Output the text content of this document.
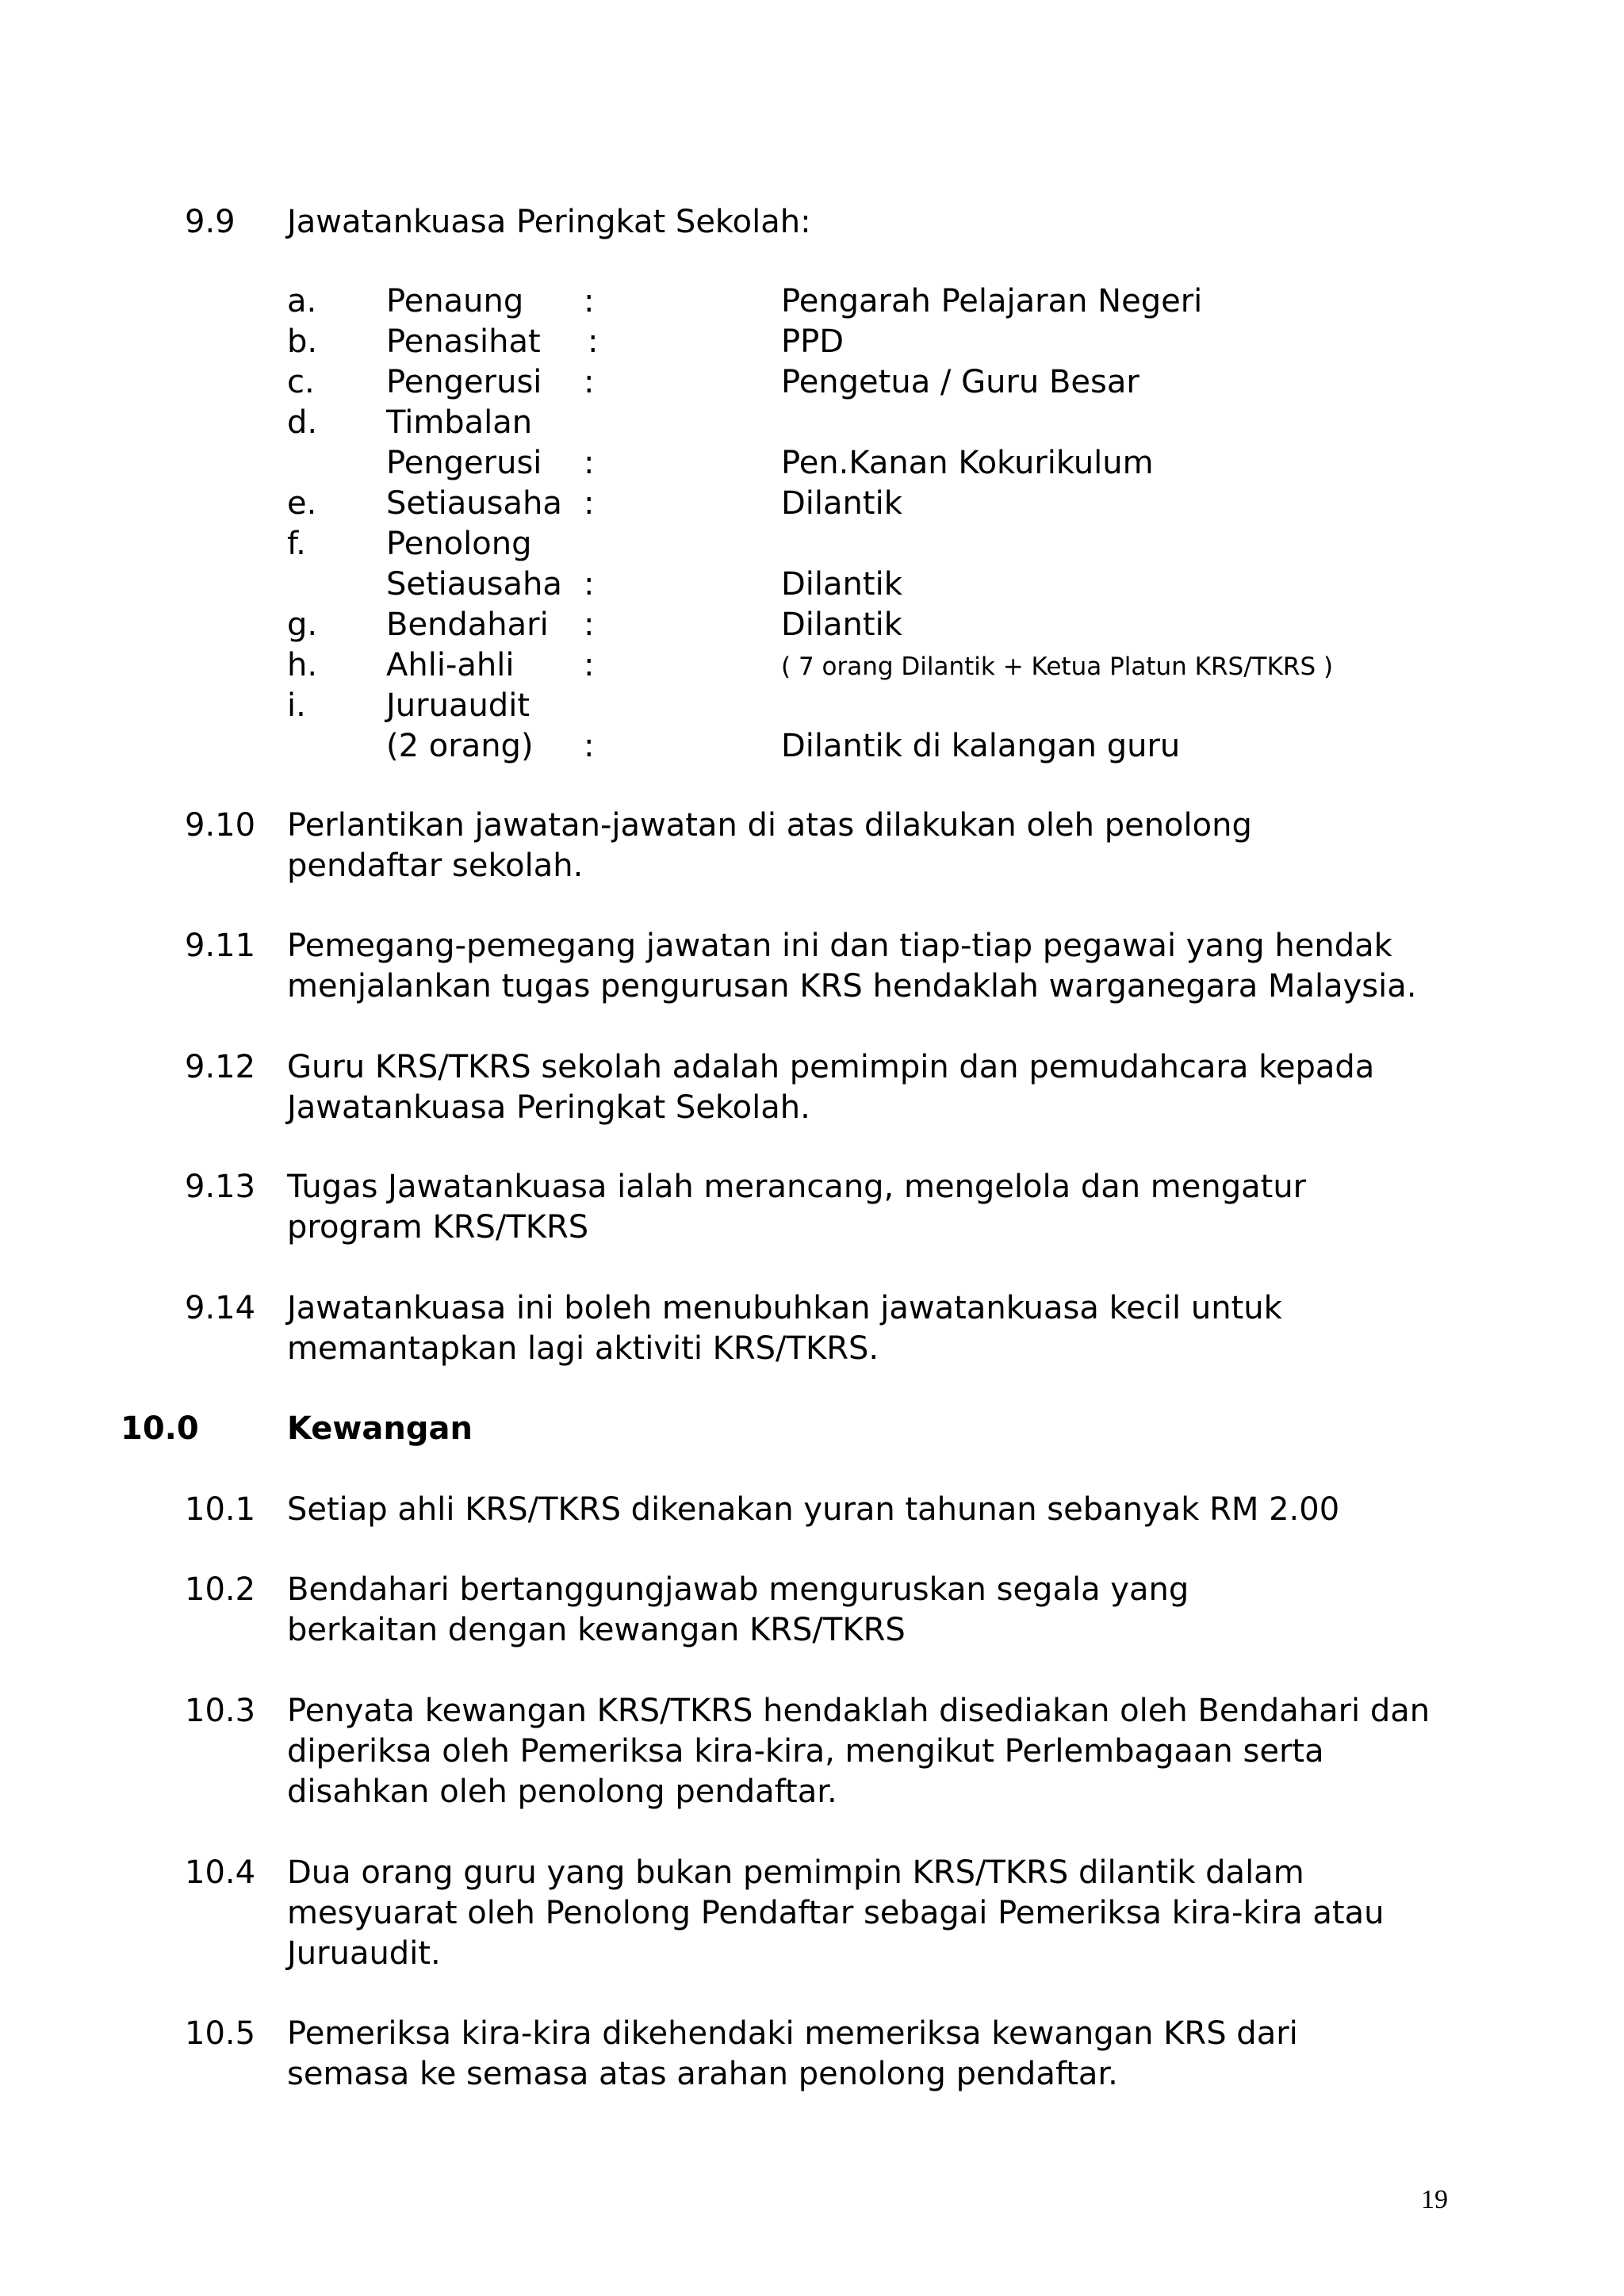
9.9 Jawatankuasa Peringkat Sekolah:
a. Penaung :	Pengarah Pelajaran Negeri
b. Penasihat :	PPD
c. Pengerusi :	Pengetua / Guru Besar
d. Timbalan
Pengerusi :	Pen.Kanan Kokurikulum
e. Setiausaha :	Dilantik
f.	Penolong
Setiausaha :	Dilantik
g. Bendahari :	Dilantik
h. Ahli-ahli :	( 7 orang Dilantik + Ketua Platun KRS/TKRS )
i.	Juruaudit
(2 orang) :	Dilantik di kalangan guru
9.10 Perlantikan jawatan-jawatan di atas dilakukan oleh penolong
pendaftar sekolah.
9.11 Pemegang-pemegang jawatan ini dan tiap-tiap pegawai yang hendak
menjalankan tugas pengurusan KRS hendaklah warganegara Malaysia.
9.12 Guru KRS/TKRS sekolah adalah pemimpin dan pemudahcara kepada
Jawatankuasa Peringkat Sekolah.
9.13 Tugas Jawatankuasa ialah merancang, mengelola dan mengatur
program KRS/TKRS
9.14 Jawatankuasa ini boleh menubuhkan jawatankuasa kecil untuk
memantapkan lagi aktiviti KRS/TKRS.
10.0	Kewangan
10.1 Setiap ahli KRS/TKRS dikenakan yuran tahunan sebanyak RM 2.00
10.2 Bendahari bertanggungjawab menguruskan segala yang
berkaitan dengan kewangan KRS/TKRS
10.3 Penyata kewangan KRS/TKRS hendaklah disediakan oleh Bendahari dan
diperiksa oleh Pemeriksa kira-kira, mengikut Perlembagaan serta
disahkan oleh penolong pendaftar.
10.4 Dua orang guru yang bukan pemimpin KRS/TKRS dilantik dalam
mesyuarat oleh Penolong Pendaftar sebagai Pemeriksa kira-kira atau
Juruaudit.
10.5 Pemeriksa kira-kira dikehendaki memeriksa kewangan KRS dari
semasa ke semasa atas arahan penolong pendaftar.
19
